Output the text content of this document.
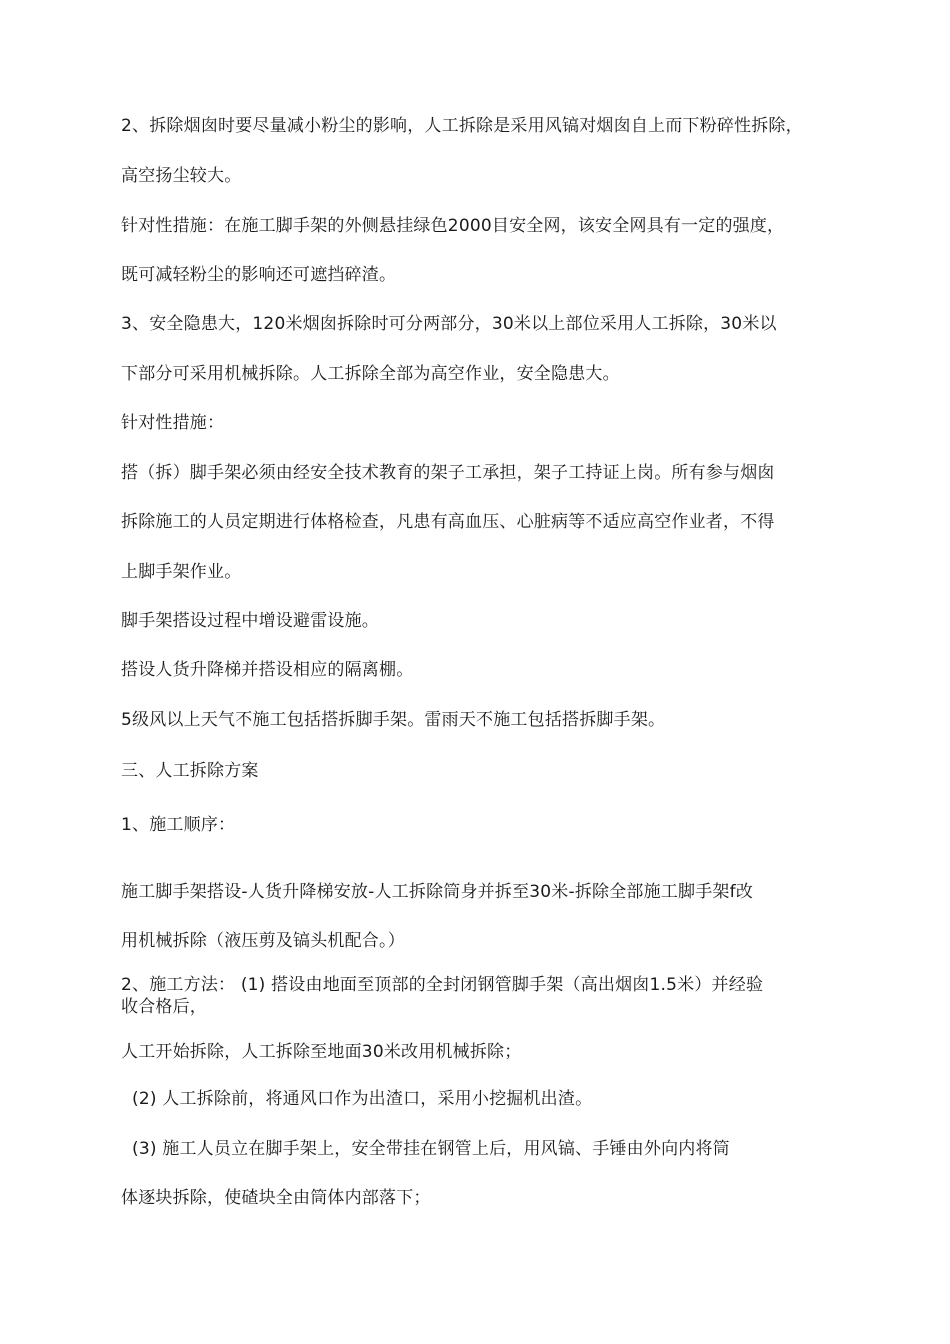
2、拆除烟囱时要尽量减小粉尘的影响，人工拆除是采用风镐对烟囱自上而下粉碎性拆除，
高空扬尘较大。
针对性措施：在施工脚手架的外侧悬挂绿色2000目安全网，该安全网具有一定的强度，
既可减轻粉尘的影响还可遮挡碎渣。
3、安全隐患大，120米烟囱拆除时可分两部分，30米以上部位采用人工拆除，30米以
下部分可采用机械拆除。人工拆除全部为高空作业，安全隐患大。
针对性措施：
搭（拆）脚手架必须由经安全技术教育的架子工承担，架子工持证上岗。所有参与烟囱
拆除施工的人员定期进行体格检查，凡患有高血压、心脏病等不适应高空作业者，不得
上脚手架作业。
脚手架搭设过程中增设避雷设施。
搭设人货升降梯并搭设相应的隔离棚。
5级风以上天气不施工包括搭拆脚手架。雷雨天不施工包括搭拆脚手架。
三、人工拆除方案
1、施工顺序：
施工脚手架搭设-人货升降梯安放-人工拆除筒身并拆至30米-拆除全部施工脚手架f改
用机械拆除（液压剪及镐头机配合。）
2、施工方法： (1) 搭设由地面至顶部的全封闭钢管脚手架（高出烟囱1.5米）并经验
收合格后，
人工开始拆除，人工拆除至地面30米改用机械拆除；
(2) 人工拆除前，将通风口作为出渣口，采用小挖掘机出渣。
(3) 施工人员立在脚手架上，安全带挂在钢管上后，用风镐、手锤由外向内将筒
体逐块拆除，使碴块全由筒体内部落下；
